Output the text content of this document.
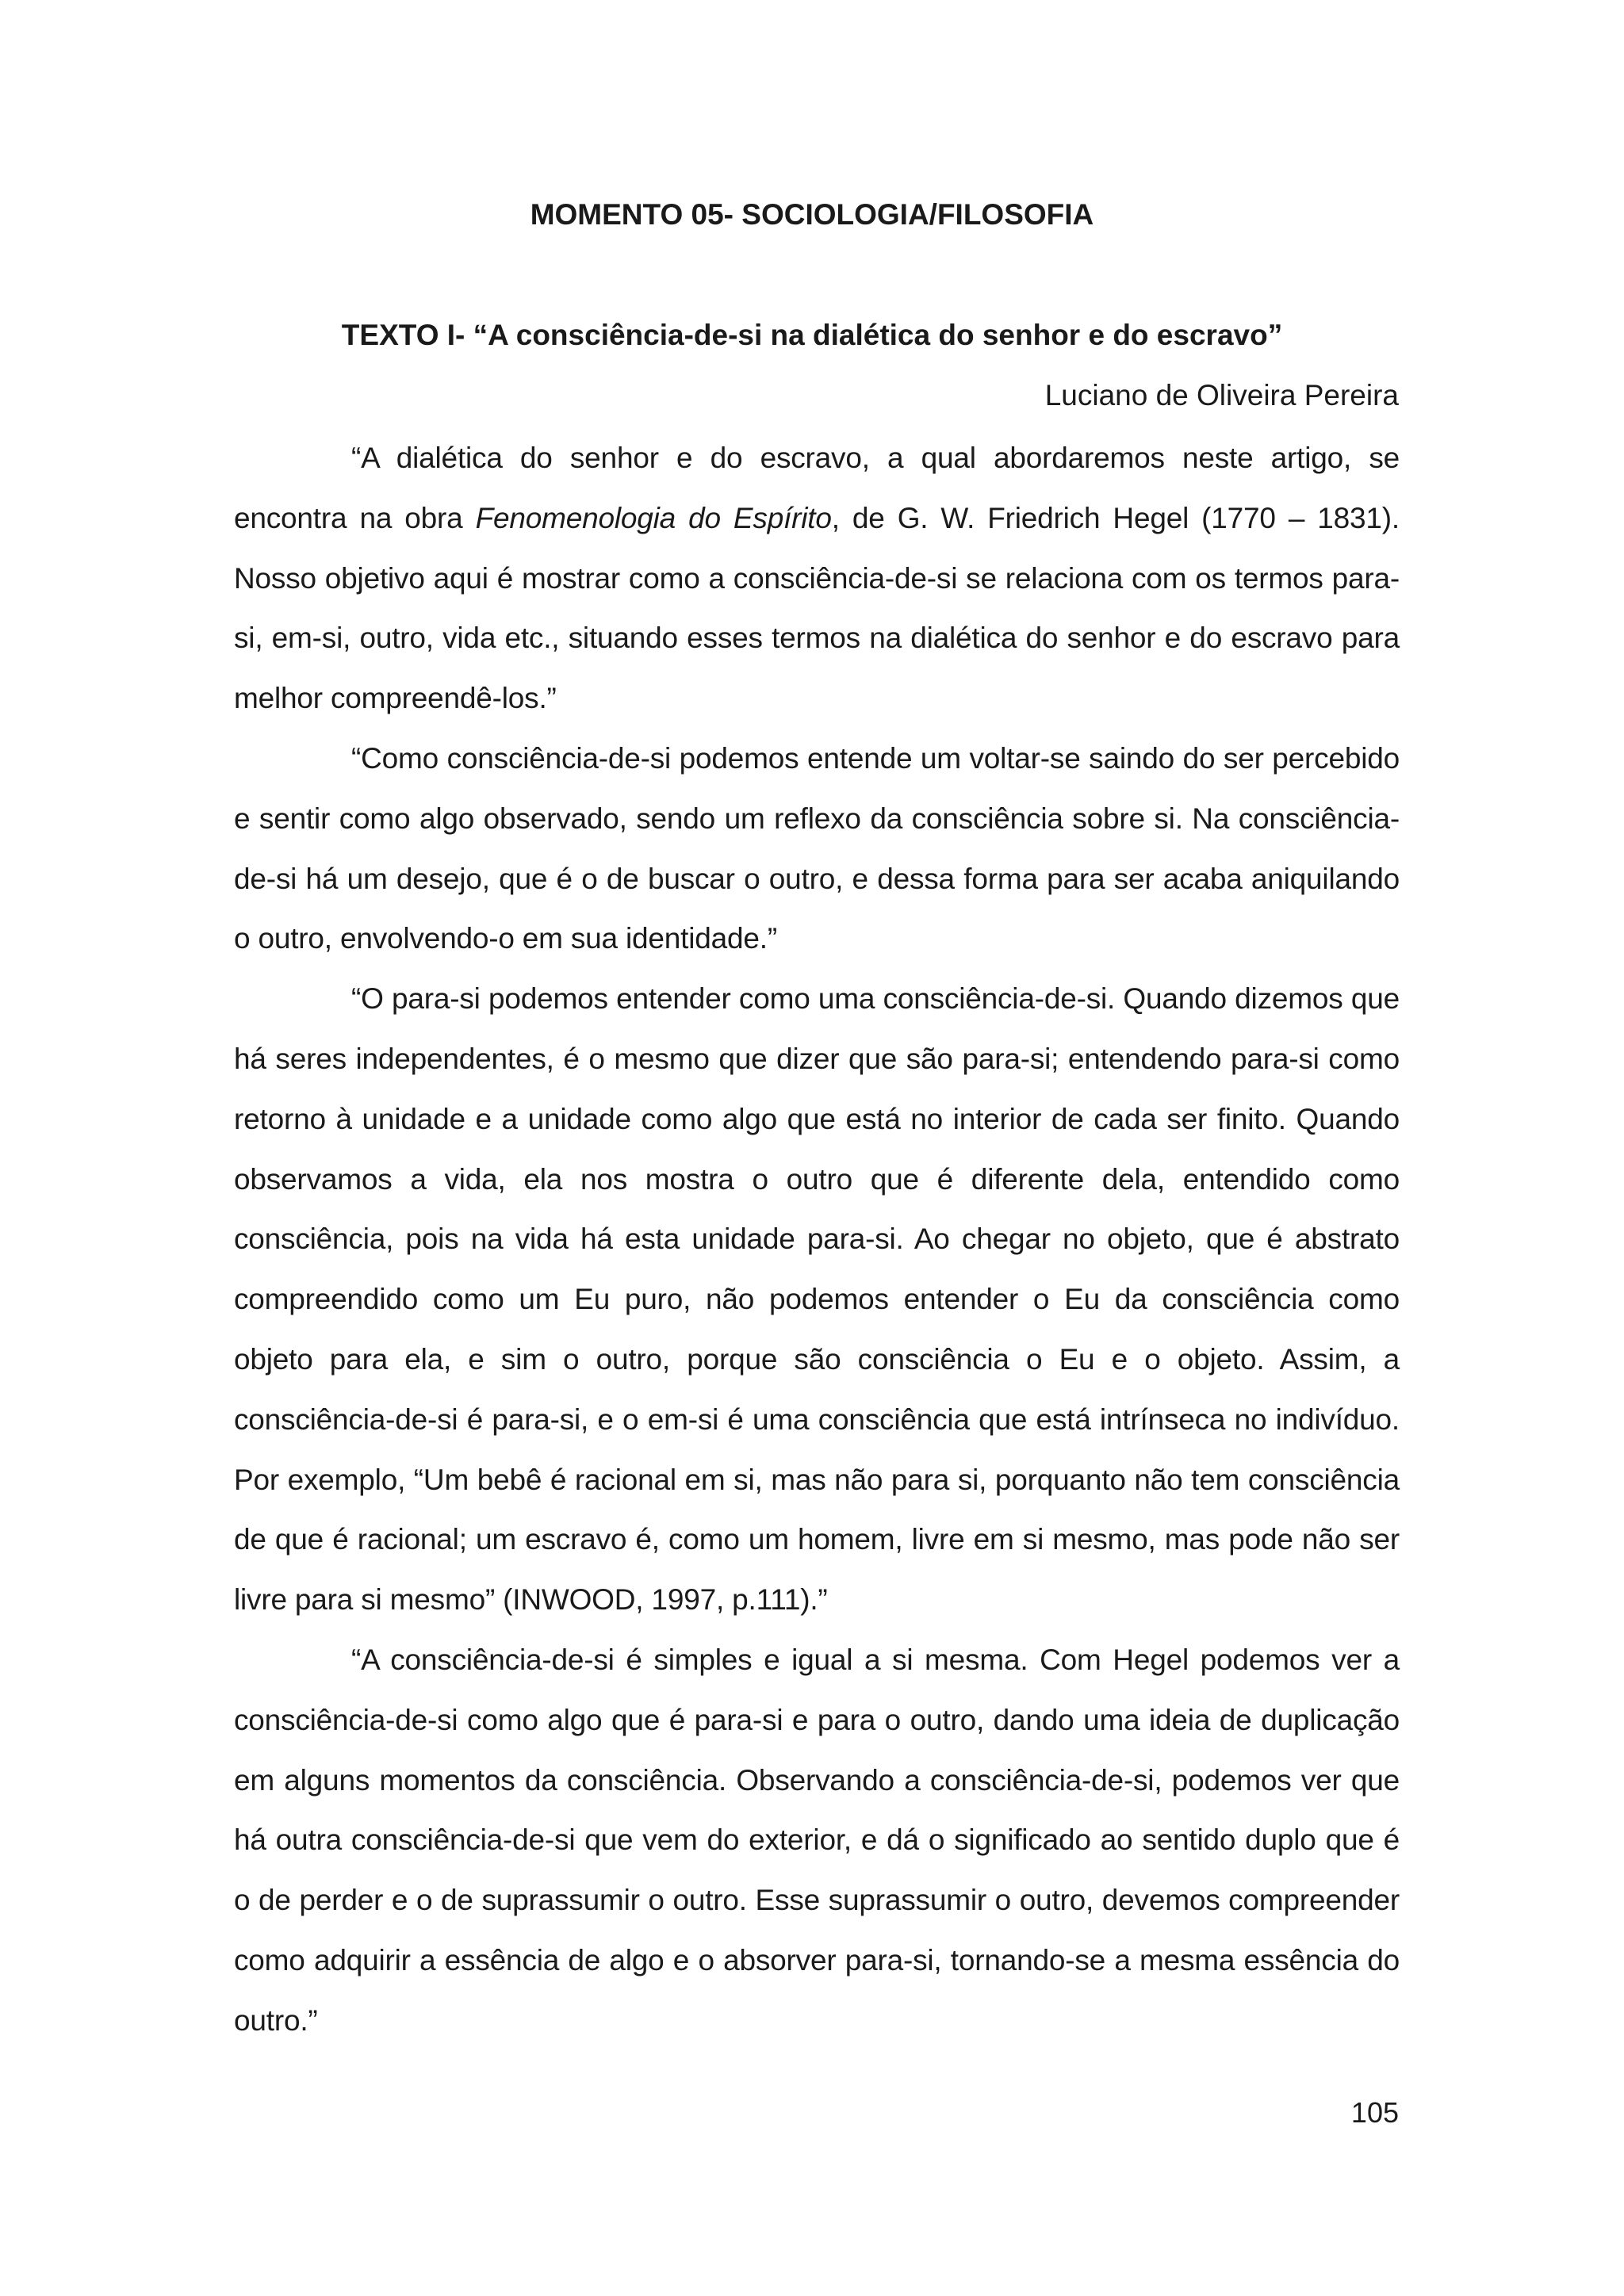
MOMENTO 05- SOCIOLOGIA/FILOSOFIA
TEXTO I- “A consciência-de-si na dialética do senhor e do escravo”
Luciano de Oliveira Pereira

“A dialética do senhor e do escravo, a qual abordaremos neste artigo, se encontra na obra Fenomenologia do Espírito, de G. W. Friedrich Hegel (1770 – 1831). Nosso objetivo aqui é mostrar como a consciência-de-si se relaciona com os termos para-si, em-si, outro, vida etc., situando esses termos na dialética do senhor e do escravo para melhor compreendê-los.”

“Como consciência-de-si podemos entende um voltar-se saindo do ser percebido e sentir como algo observado, sendo um reflexo da consciência sobre si. Na consciência-de-si há um desejo, que é o de buscar o outro, e dessa forma para ser acaba aniquilando o outro, envolvendo-o em sua identidade.”

“O para-si podemos entender como uma consciência-de-si. Quando dizemos que há seres independentes, é o mesmo que dizer que são para-si; entendendo para-si como retorno à unidade e a unidade como algo que está no interior de cada ser finito. Quando observamos a vida, ela nos mostra o outro que é diferente dela, entendido como consciência, pois na vida há esta unidade para-si. Ao chegar no objeto, que é abstrato compreendido como um Eu puro, não podemos entender o Eu da consciência como objeto para ela, e sim o outro, porque são consciência o Eu e o objeto. Assim, a consciência-de-si é para-si, e o em-si é uma consciência que está intrínseca no indivíduo. Por exemplo, “Um bebê é racional em si, mas não para si, porquanto não tem consciência de que é racional; um escravo é, como um homem, livre em si mesmo, mas pode não ser livre para si mesmo” (INWOOD, 1997, p.111).”

“A consciência-de-si é simples e igual a si mesma. Com Hegel podemos ver a consciência-de-si como algo que é para-si e para o outro, dando uma ideia de duplicação em alguns momentos da consciência. Observando a consciência-de-si, podemos ver que há outra consciência-de-si que vem do exterior, e dá o significado ao sentido duplo que é o de perder e o de suprassumir o outro. Esse suprassumir o outro, devemos compreender como adquirir a essência de algo e o absorver para-si, tornando-se a mesma essência do outro.”

105
